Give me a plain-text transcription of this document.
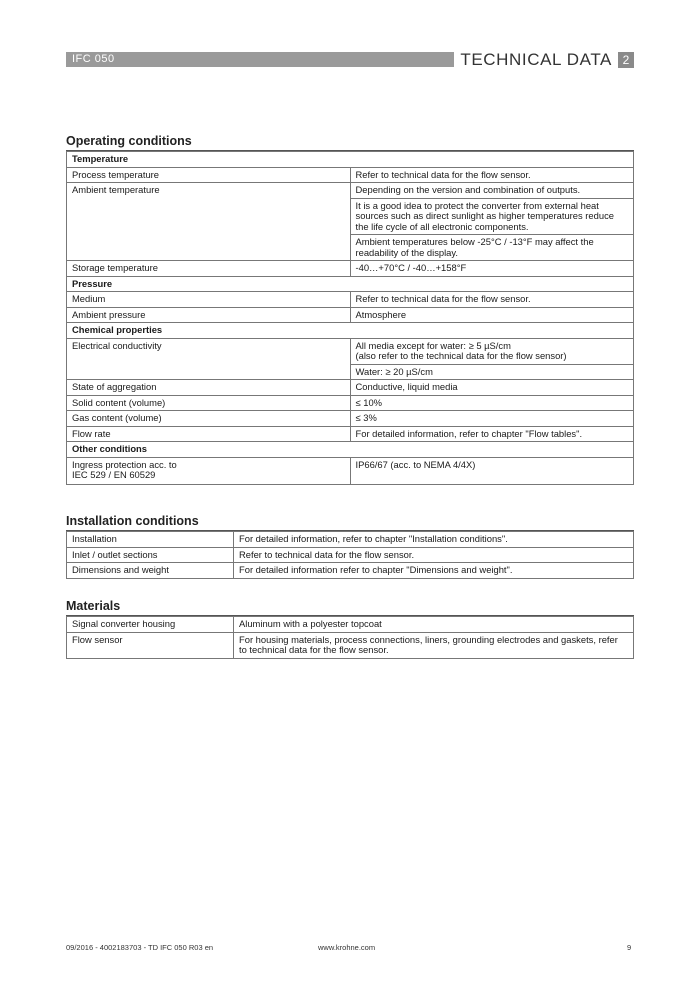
IFC 050	TECHNICAL DATA 2
Operating conditions
Temperature	
Process temperature	Refer to technical data for the flow sensor.
Ambient temperature	Depending on the version and combination of outputs.
	It is a good idea to protect the converter from external heat sources such as direct sunlight as higher temperatures reduce the life cycle of all electronic components.
	Ambient temperatures below -25°C / -13°F may affect the readability of the display.
Storage temperature	-40…+70°C / -40…+158°F
Pressure	
Medium	Refer to technical data for the flow sensor.
Ambient pressure	Atmosphere
Chemical properties	
Electrical conductivity	All media except for water: ≥ 5 µS/cm
(also refer to the technical data for the flow sensor)
	Water: ≥ 20 µS/cm
State of aggregation	Conductive, liquid media
Solid content (volume)	≤ 10%
Gas content (volume)	≤ 3%
Flow rate	For detailed information, refer to chapter "Flow tables".
Other conditions	
Ingress protection acc. to
IEC 529 / EN 60529	IP66/67 (acc. to NEMA 4/4X)
Installation conditions
Installation	For detailed information, refer to chapter "Installation conditions".
Inlet / outlet sections	Refer to technical data for the flow sensor.
Dimensions and weight	For detailed information refer to chapter "Dimensions and weight".
Materials
Signal converter housing	Aluminum with a polyester topcoat
Flow sensor	For housing materials, process connections, liners, grounding electrodes and gaskets, refer to technical data for the flow sensor.
09/2016 - 4002183703 - TD IFC 050 R03 en	www.krohne.com	9
